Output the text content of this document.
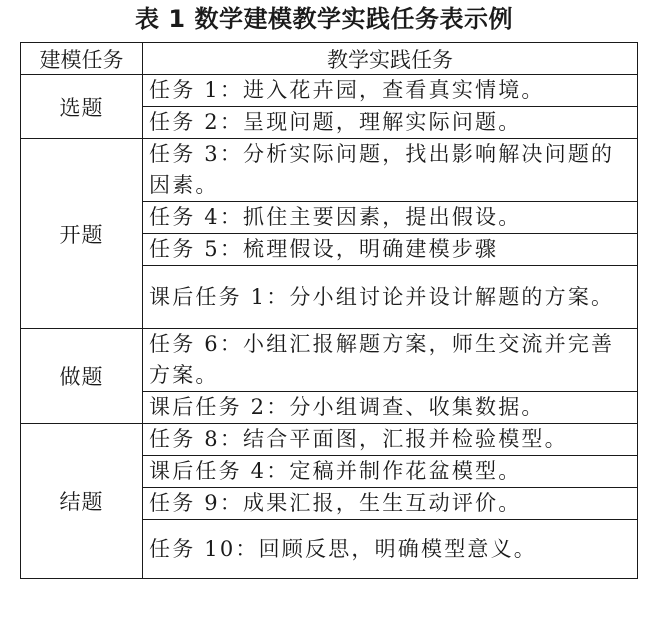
表 1 数学建模教学实践任务表示例
建模任务	教学实践任务
选题	任务 1：进入花卉园，查看真实情境。
	任务 2：呈现问题，理解实际问题。
开题	任务 3：分析实际问题，找出影响解决问题的因素。
	任务 4：抓住主要因素，提出假设。
	任务 5：梳理假设，明确建模步骤
	课后任务 1：分小组讨论并设计解题的方案。
做题	任务 6：小组汇报解题方案，师生交流并完善方案。
	课后任务 2：分小组调查、收集数据。
结题	任务 8：结合平面图，汇报并检验模型。
	课后任务 4：定稿并制作花盆模型。
	任务 9：成果汇报，生生互动评价。
	任务 10：回顾反思，明确模型意义。
